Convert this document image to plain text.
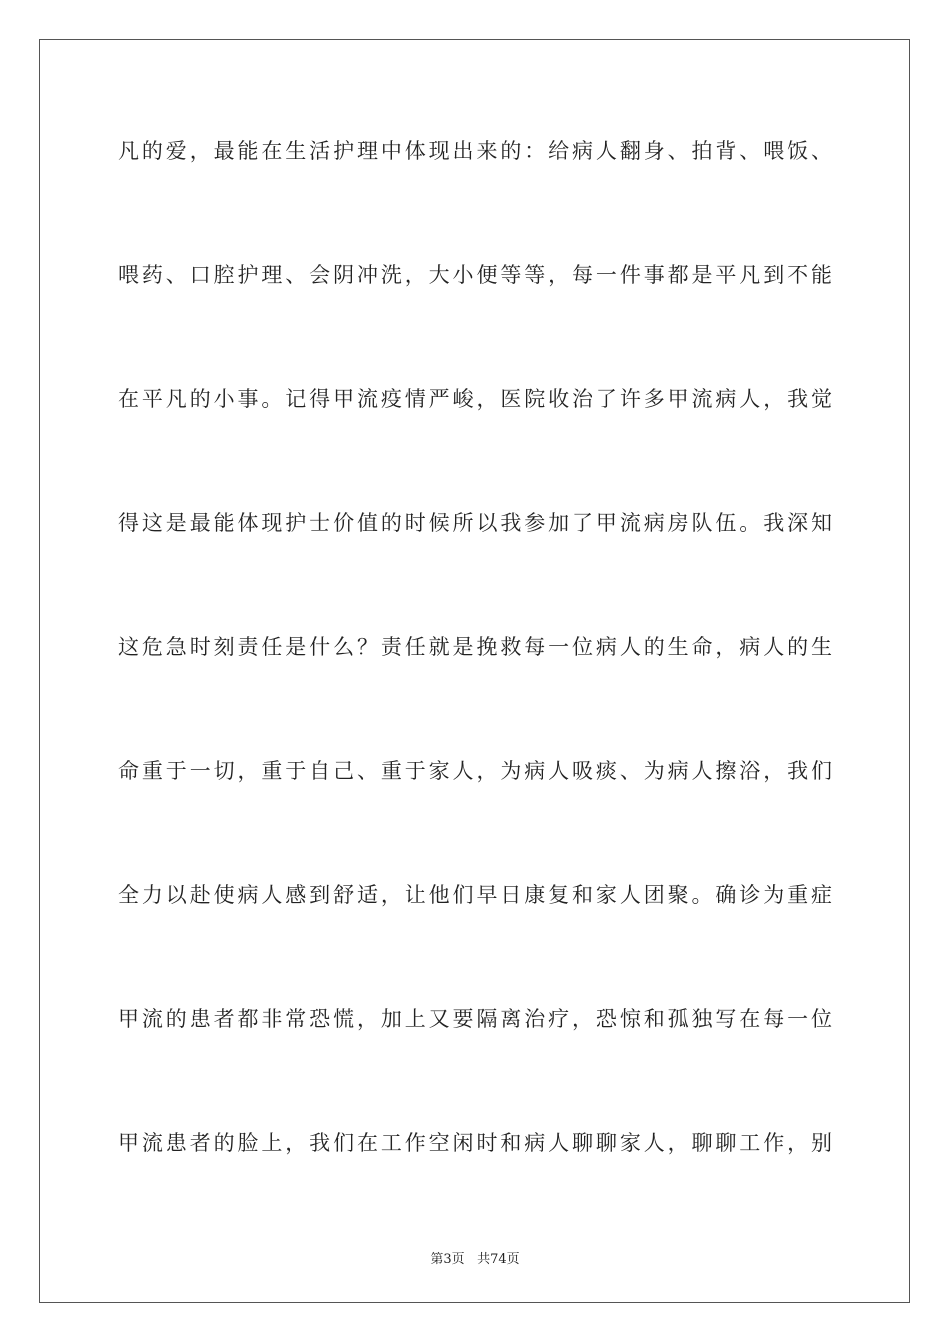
凡的爱，最能在生活护理中体现出来的：给病人翻身、拍背、喂饭、
喂药、口腔护理、会阴冲洗，大小便等等，每一件事都是平凡到不能
在平凡的小事。记得甲流疫情严峻，医院收治了许多甲流病人，我觉
得这是最能体现护士价值的时候所以我参加了甲流病房队伍。我深知
这危急时刻责任是什么？责任就是挽救每一位病人的生命，病人的生
命重于一切，重于自己、重于家人，为病人吸痰、为病人擦浴，我们
全力以赴使病人感到舒适，让他们早日康复和家人团聚。确诊为重症
甲流的患者都非常恐慌，加上又要隔离治疗，恐惊和孤独写在每一位
甲流患者的脸上，我们在工作空闲时和病人聊聊家人，聊聊工作，别
第3页 共74页
